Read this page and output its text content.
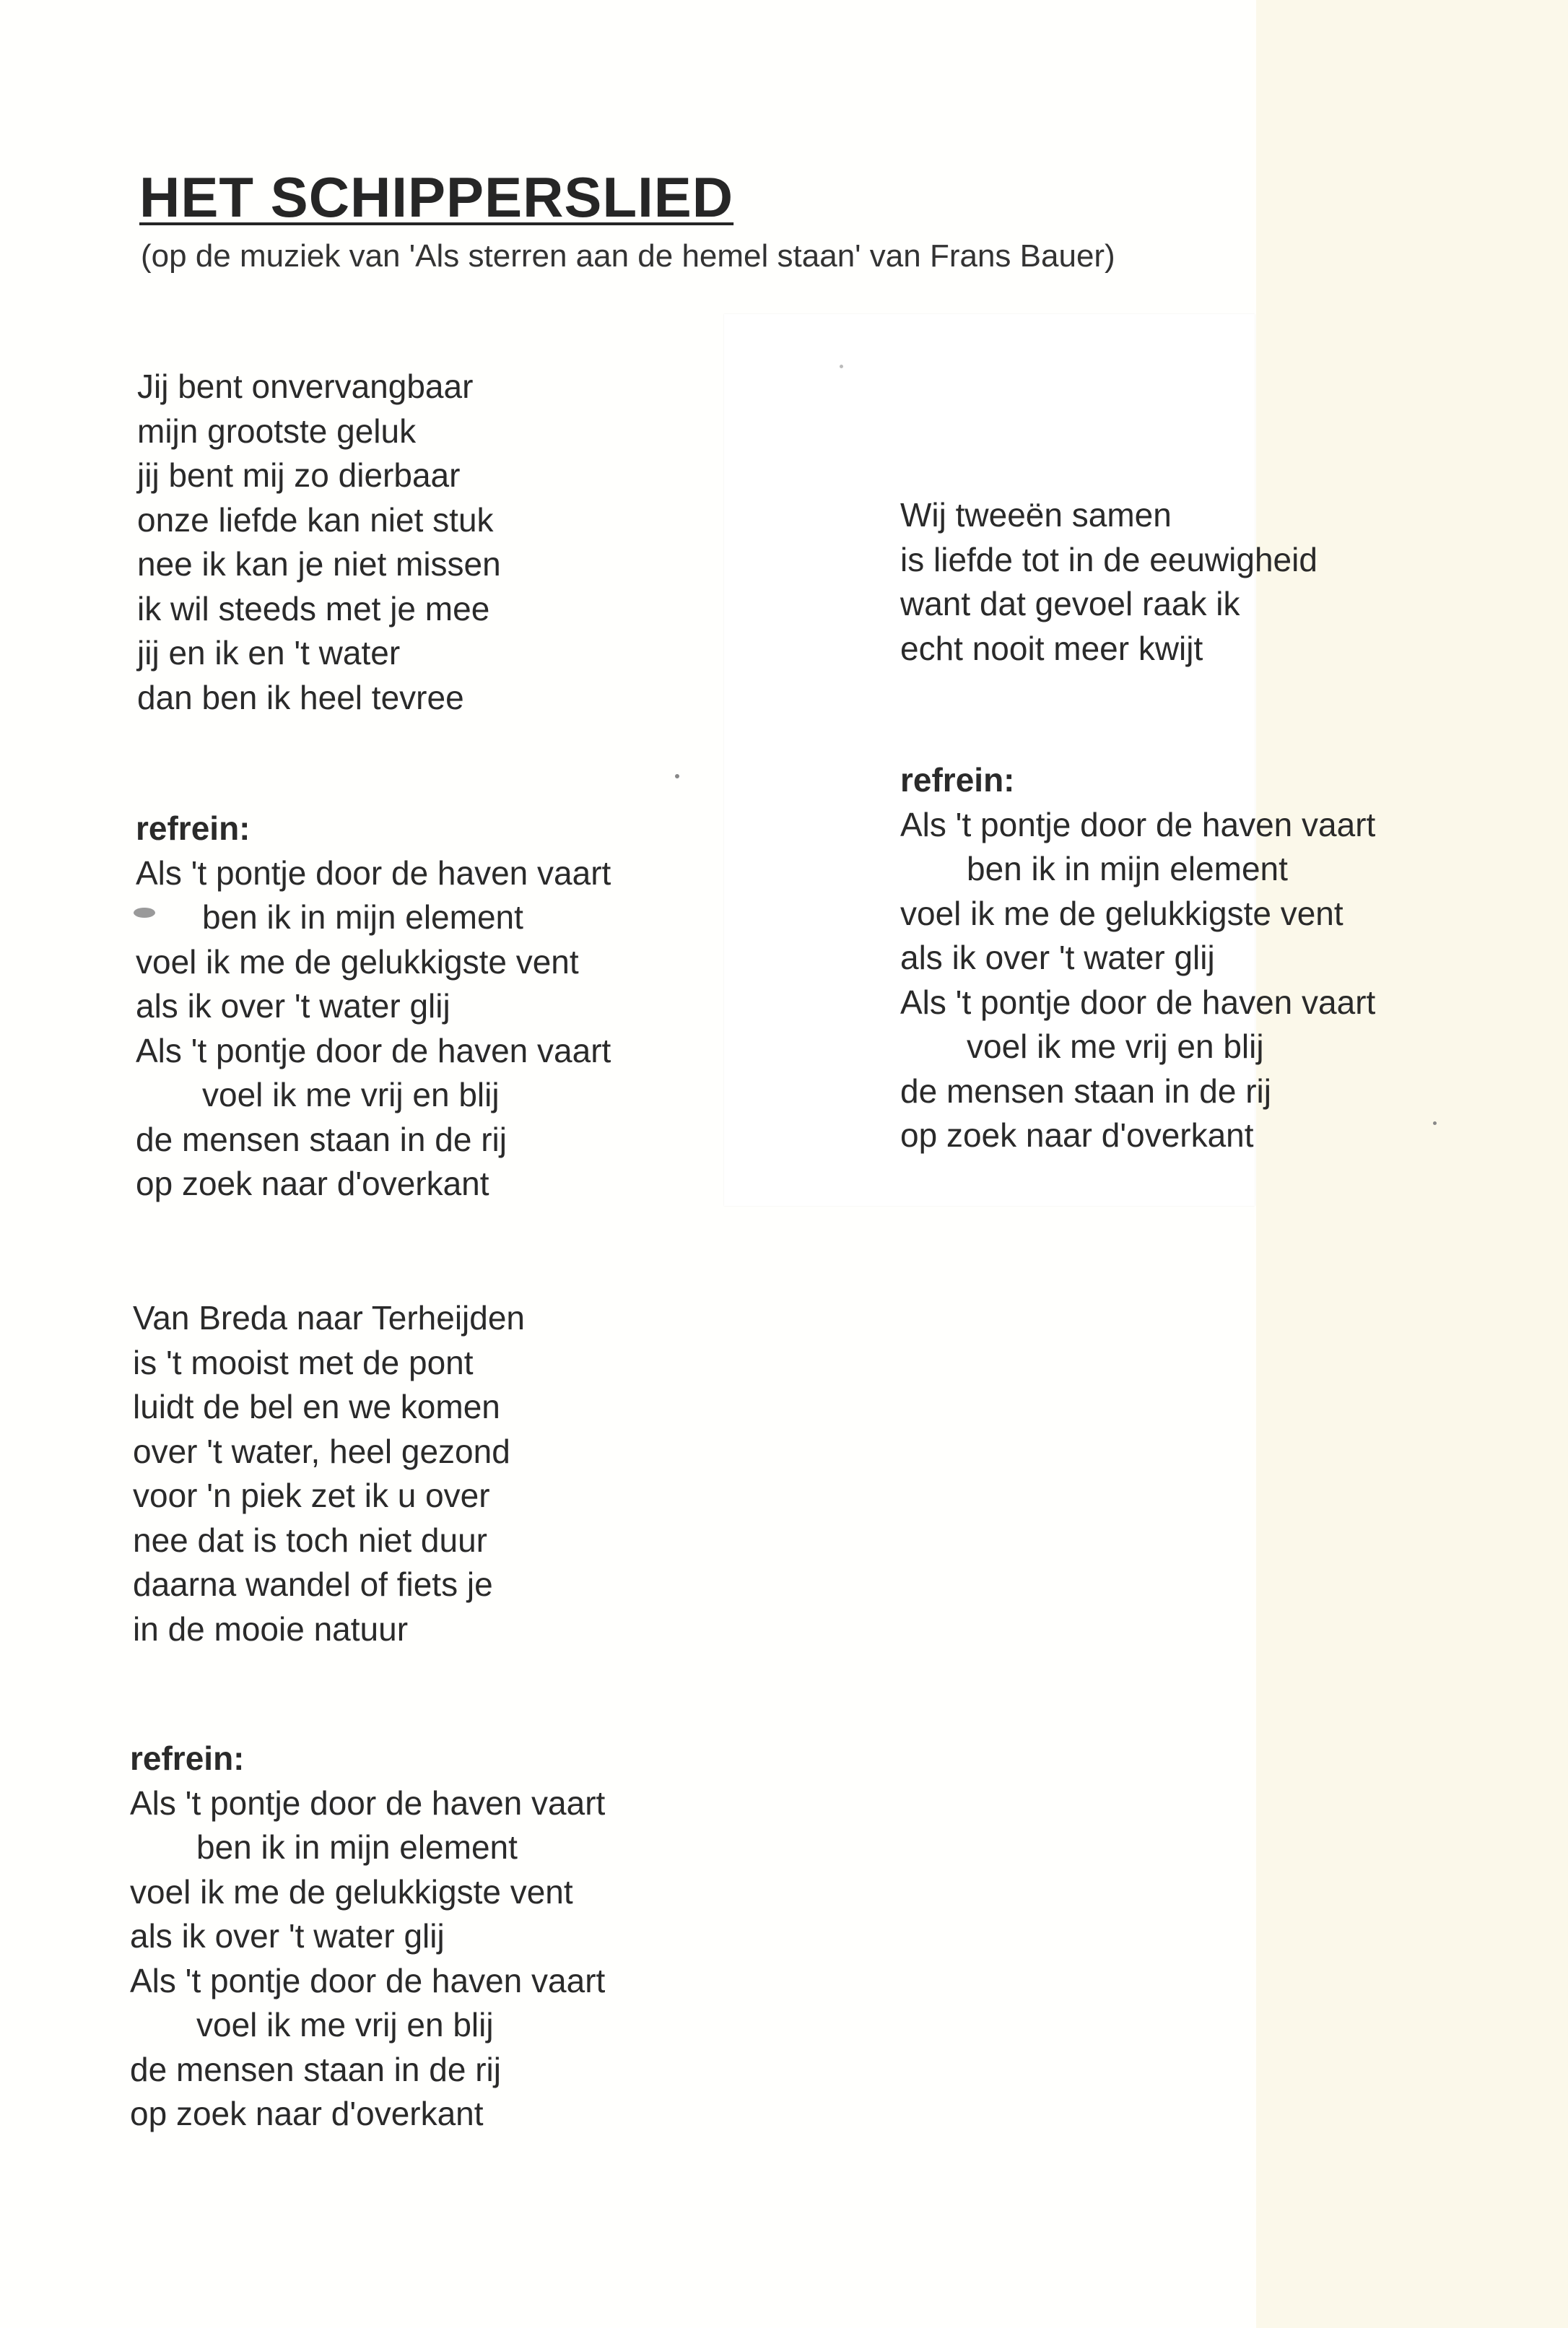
HET SCHIPPERSLIED
(op de muziek van 'Als sterren aan de hemel staan' van Frans Bauer)
Jij bent onvervangbaar
mijn grootste geluk
jij bent mij zo dierbaar
onze liefde kan niet stuk
nee ik kan je niet missen
ik wil steeds met je mee
jij en ik en 't water
dan ben ik heel tevree
refrein:
Als 't pontje door de haven vaart
ben ik in mijn element
voel ik me de gelukkigste vent
als ik over 't water glij
Als 't pontje door de haven vaart
voel ik me vrij en blij
de mensen staan in de rij
op zoek naar d'overkant
Van Breda naar Terheijden
is 't mooist met de pont
luidt de bel en we komen
over 't water, heel gezond
voor 'n piek zet ik u over
nee dat is toch niet duur
daarna wandel of fiets je
in de mooie natuur
refrein:
Als 't pontje door de haven vaart
ben ik in mijn element
voel ik me de gelukkigste vent
als ik over 't water glij
Als 't pontje door de haven vaart
voel ik me vrij en blij
de mensen staan in de rij
op zoek naar d'overkant
Wij tweeën samen
is liefde tot in de eeuwigheid
want dat gevoel raak ik
echt nooit meer kwijt
refrein:
Als 't pontje door de haven vaart
ben ik in mijn element
voel ik me de gelukkigste vent
als ik over 't water glij
Als 't pontje door de haven vaart
voel ik me vrij en blij
de mensen staan in de rij
op zoek naar d'overkant
